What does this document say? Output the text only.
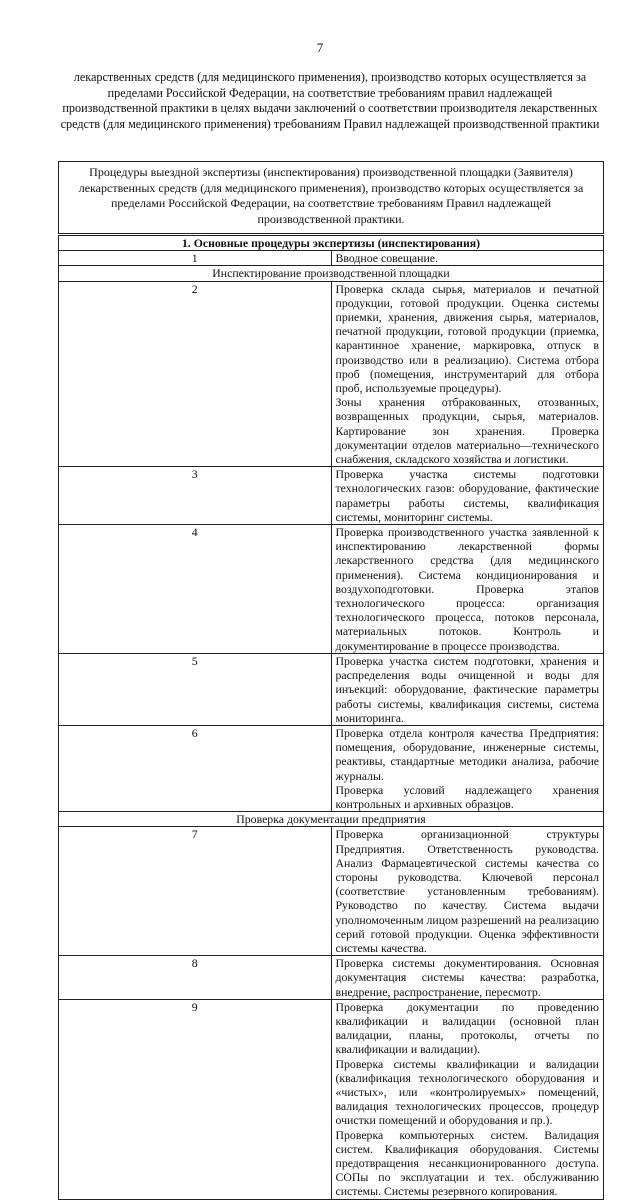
7
лекарственных средств (для медицинского применения), производство которых осуществляется за пределами Российской Федерации, на соответствие требованиям правил надлежащей производственной практики в целях выдачи заключений о соответствии производителя лекарственных средств (для медицинского применения) требованиям Правил надлежащей производственной практики
Процедуры выездной экспертизы (инспектирования) производственной площадки (Заявителя) лекарственных средств (для медицинского применения), производство которых осуществляется за пределами Российской Федерации, на соответствие требованиям Правил надлежащей производственной практики.	
1. Основные процедуры экспертизы (инспектирования)	
1	Вводное совещание.

Инспектирование производственной площадки	
2	Проверка склада сырья, материалов и печатной продукции, готовой продукции. Оценка системы приемки, хранения, движения сырья, материалов, печатной продукции, готовой продукции (приемка, карантинное хранение, маркировка, отпуск в производство или в реализацию). Система отбора проб (помещения, инструментарий для отбора проб, используемые процедуры).
Зоны хранения отбракованных, отозванных, возвращенных продукции, сырья, материалов. Картирование зон хранения. Проверка документации отделов материально—технического снабжения, складского хозяйства и логистики.

3	Проверка участка системы подготовки технологических газов: оборудование, фактические параметры работы системы, квалификация системы, мониторинг системы.

4	Проверка производственного участка заявленной к инспектированию лекарственной формы лекарственного средства (для медицинского применения). Система кондиционирования и воздухоподготовки. Проверка этапов технологического процесса: организация технологического процесса, потоков персонала, материальных потоков. Контроль и документирование в процессе производства.

5	Проверка участка систем подготовки, хранения и распределения воды очищенной и воды для инъекций: оборудование, фактические параметры работы системы, квалификация системы, система мониторинга.

6	Проверка отдела контроля качества Предприятия: помещения, оборудование, инженерные системы, реактивы, стандартные методики анализа, рабочие журналы.
Проверка условий надлежащего хранения контрольных и архивных образцов.

Проверка документации предприятия	
7	Проверка организационной структуры Предприятия. Ответственность руководства. Анализ Фармацевтической системы качества со стороны руководства. Ключевой персонал (соответствие установленным требованиям). Руководство по качеству. Система выдачи уполномоченным лицом разрешений на реализацию серий готовой продукции. Оценка эффективности системы качества.

8	Проверка системы документирования. Основная документация системы качества: разработка, внедрение, распространение, пересмотр.

9	Проверка документации по проведению квалификации и валидации (основной план валидации, планы, протоколы, отчеты по квалификации и валидации).
Проверка системы квалификации и валидации (квалификация технологического оборудования и «чистых», или «контролируемых» помещений, валидация технологических процессов, процедур очистки помещений и оборудования и пр.).
Проверка компьютерных систем. Валидация систем. Квалификация оборудования. Системы предотвращения несанкционированного доступа. СОПы по эксплуатации и тех. обслуживанию системы. Системы резервного копирования.
